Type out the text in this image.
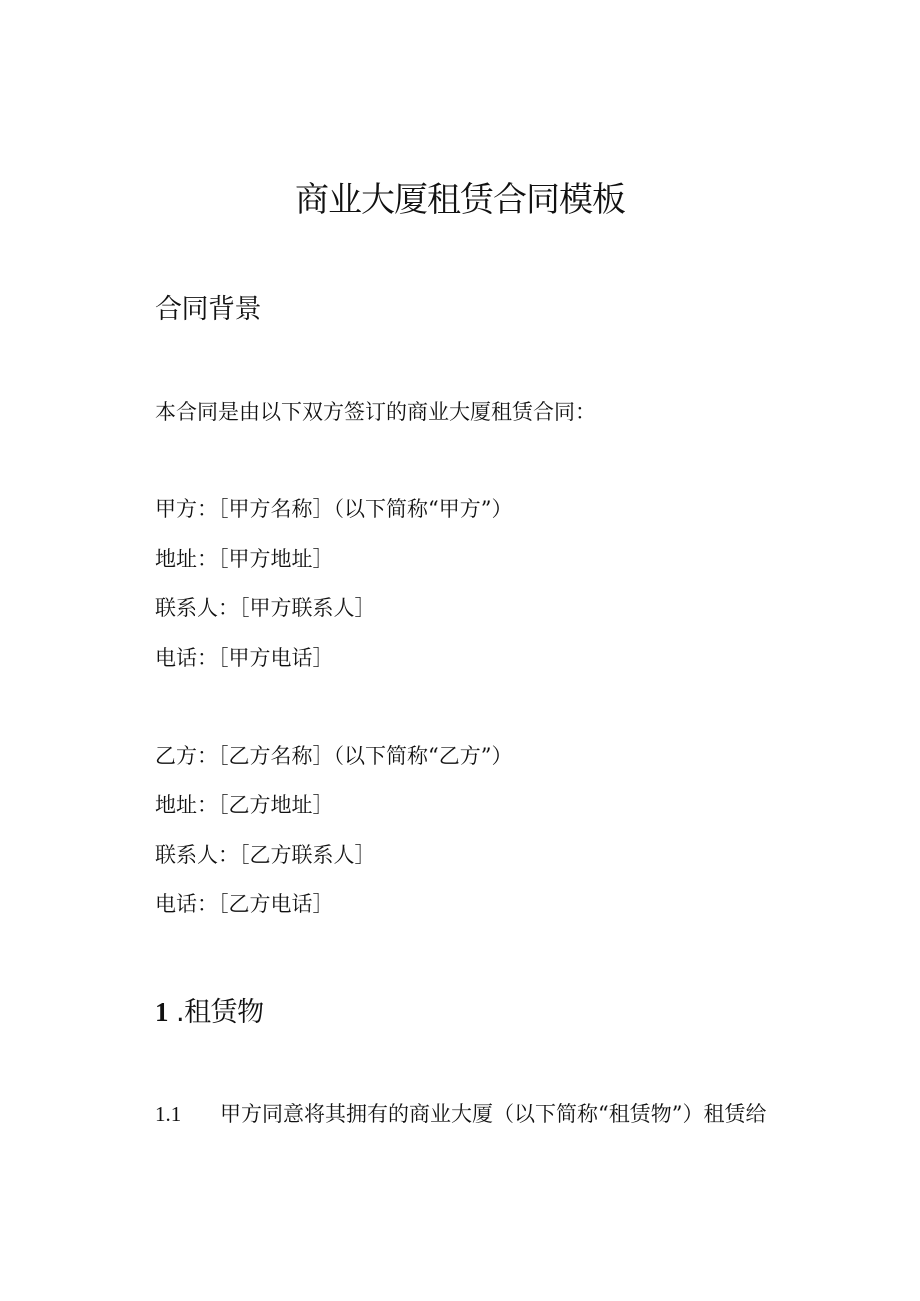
商业大厦租赁合同模板
合同背景

本合同是由以下双方签订的商业大厦租赁合同：

甲方：［甲方名称］（以下简称“甲方”）

地址：［甲方地址］

联系人：［甲方联系人］

电话：［甲方电话］

乙方：［乙方名称］（以下简称“乙方”）

地址：［乙方地址］

联系人：［乙方联系人］

电话：［乙方电话］

1 .租赁物
1.1 甲方同意将其拥有的商业大厦（以下简称“租赁物”）租赁给
